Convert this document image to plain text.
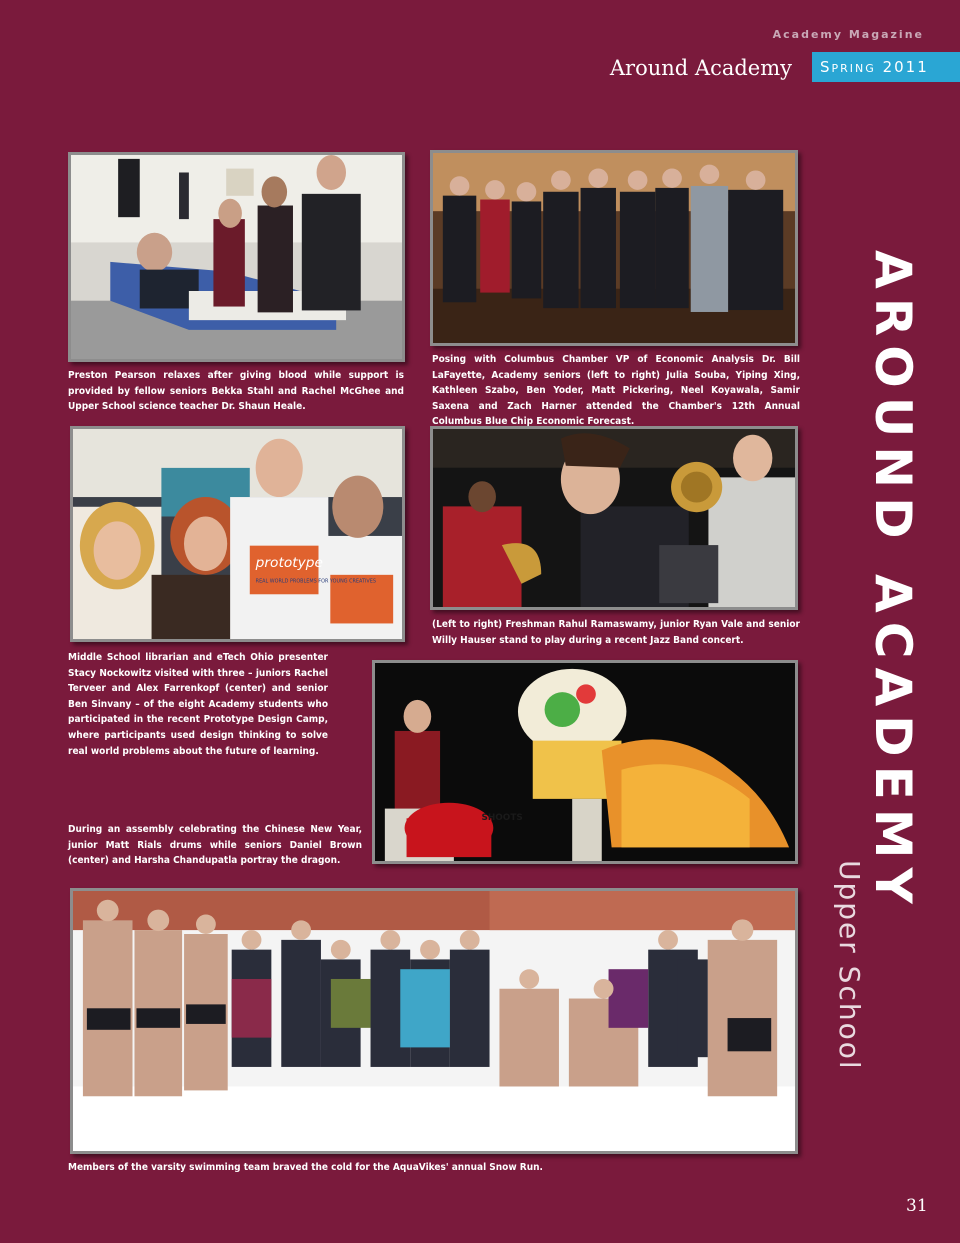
Academy Magazine
Around Academy	Spring 2011
Preston Pearson relaxes after giving blood while support is provided by fellow seniors Bekka Stahl and Rachel McGhee and Upper School science teacher Dr. Shaun Heale.
Posing with Columbus Chamber VP of Economic Analysis Dr. Bill LaFayette, Academy seniors (left to right) Julia Souba, Yiping Xing, Kathleen Szabo, Ben Yoder, Matt Pickering, Neel Koyawala, Samir Saxena and Zach Harner attended the Chamber's 12th Annual Columbus Blue Chip Economic Forecast.
prototype
REAL WORLD PROBLEMS FOR YOUNG CREATIVES
Middle School librarian and eTech Ohio presenter Stacy Nockowitz visited with three – juniors Rachel Terveer and Alex Farrenkopf (center) and senior Ben Sinvany – of the eight Academy students who participated in the recent Prototype Design Camp, where participants used design thinking to solve real world problems about the future of learning.
(Left to right) Freshman Rahul Ramaswamy, junior Ryan Vale and senior Willy Hauser stand to play during a recent Jazz Band concert.
SHOOTS
During an assembly celebrating the Chinese New Year, junior Matt Rials drums while seniors Daniel Brown (center) and Harsha Chandupatla portray the dragon.
Members of the varsity swimming team braved the cold for the AquaVikes' annual Snow Run.
AROUND ACADEMY
Upper School
31
